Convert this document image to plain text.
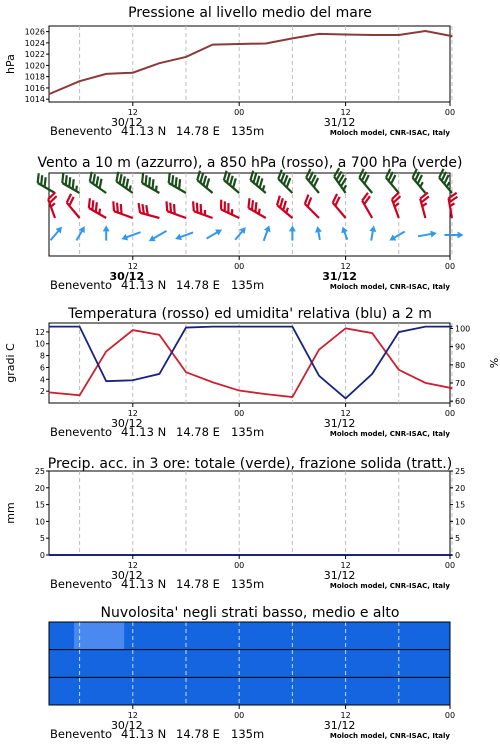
Pressione al livello medio del mare
1014
1016
1018
1020
1022
1024
1026
hPa
12	00	12	00
30/12	31/12
Benevento 41.13 N 14.78 E 135m	Moloch model, CNR-ISAC, Italy
Vento a 10 m (azzurro), a 850 hPa (rosso), a 700 hPa (verde)
12	00	12	00
30/12	31/12
Benevento 41.13 N 14.78 E 135m	Moloch model, CNR-ISAC, Italy
Temperatura (rosso) ed umidita' relativa (blu) a 2 m
2
4
6
8
10
12
60
70
80
90
100
gradi C	%
12	00	12	00
30/12	31/12
Benevento 41.13 N 14.78 E 135m	Moloch model, CNR-ISAC, Italy
Precip. acc. in 3 ore: totale (verde), frazione solida (tratt.)
0	0
5	5
10	10
15	15
20	20
25	25
mm
12	00	12	00
30/12	31/12
Benevento 41.13 N 14.78 E 135m	Moloch model, CNR-ISAC, Italy
Nuvolosita' negli strati basso, medio e alto
12	00	12	00
30/12	31/12
Benevento 41.13 N 14.78 E 135m	Moloch model, CNR-ISAC, Italy
